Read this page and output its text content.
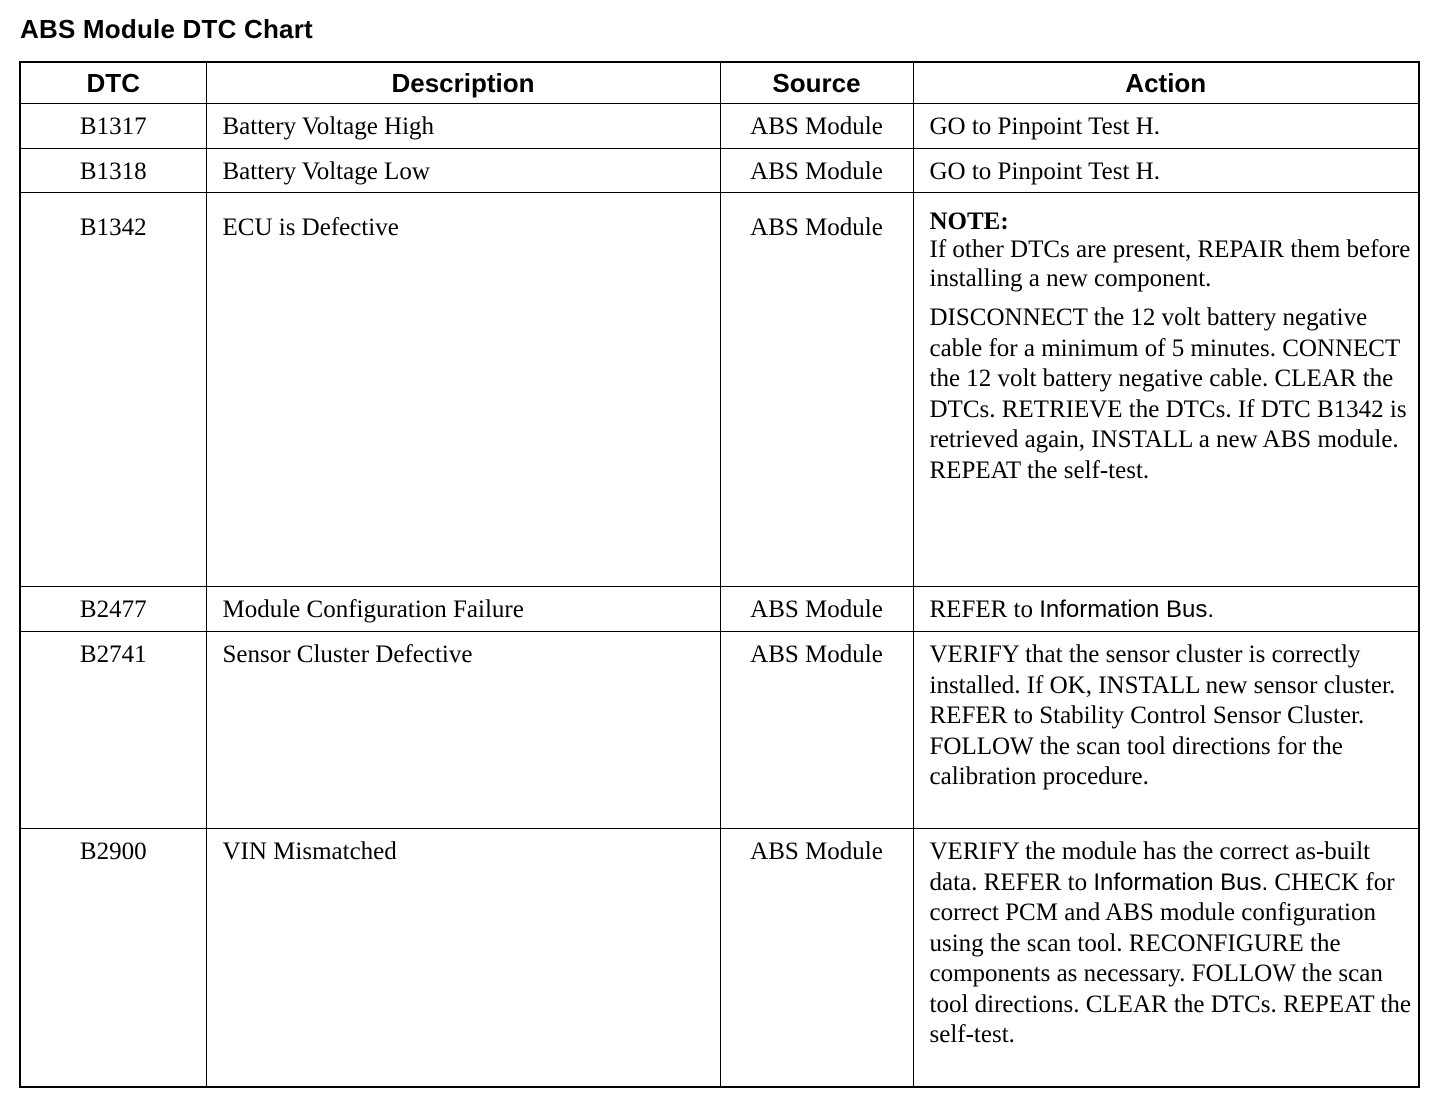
ABS Module DTC Chart
DTC	Description	Source	Action
B1317	Battery Voltage High	ABS Module	GO to Pinpoint Test H.
B1318	Battery Voltage Low	ABS Module	GO to Pinpoint Test H.
B1342	ECU is Defective	ABS Module	NOTE:
If other DTCs are present, REPAIR them before installing a new component.
DISCONNECT the 12 volt battery negative cable for a minimum of 5 minutes. CONNECT the 12 volt battery negative cable. CLEAR the DTCs. RETRIEVE the DTCs. If DTC B1342 is retrieved again, INSTALL a new ABS module. REPEAT the self-test.

B2477	Module Configuration Failure	ABS Module	REFER to Information Bus.
B2741	Sensor Cluster Defective	ABS Module	VERIFY that the sensor cluster is correctly installed. If OK, INSTALL new sensor cluster. REFER to Stability Control Sensor Cluster. FOLLOW the scan tool directions for the calibration procedure.
B2900	VIN Mismatched	ABS Module	VERIFY the module has the correct as-built data. REFER to Information Bus. CHECK for correct PCM and ABS module configuration using the scan tool. RECONFIGURE the components as necessary. FOLLOW the scan tool directions. CLEAR the DTCs. REPEAT the self-test.
